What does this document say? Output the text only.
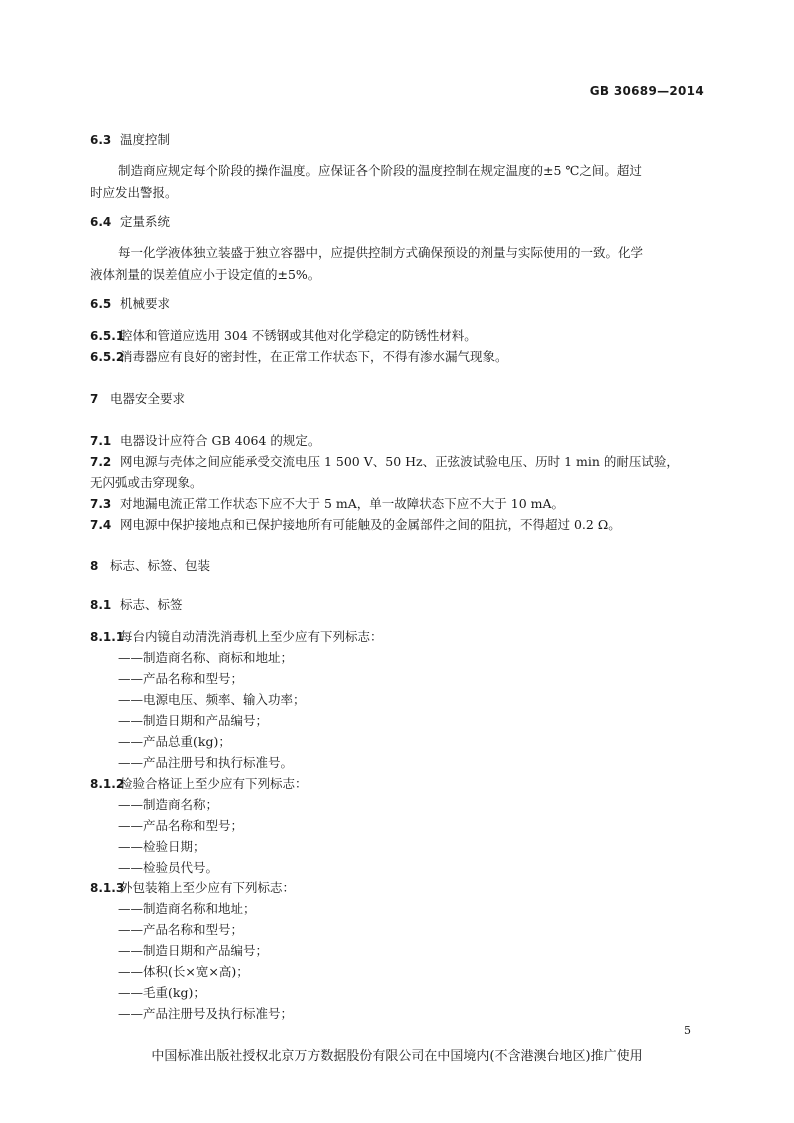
GB 30689—2014
6.3 温度控制
制造商应规定每个阶段的操作温度。应保证各个阶段的温度控制在规定温度的±5 ℃之间。超过
时应发出警报。
6.4 定量系统
每一化学液体独立装盛于独立容器中，应提供控制方式确保预设的剂量与实际使用的一致。化学
液体剂量的误差值应小于设定值的±5%。
6.5 机械要求
6.5.1腔体和管道应选用 304 不锈钢或其他对化学稳定的防锈性材料。
6.5.2消毒器应有良好的密封性，在正常工作状态下，不得有渗水漏气现象。
7 电器安全要求
7.1 电器设计应符合 GB 4064 的规定。
7.2 网电源与壳体之间应能承受交流电压 1 500 V、50 Hz、正弦波试验电压、历时 1 min 的耐压试验，
无闪弧或击穿现象。
7.3 对地漏电流正常工作状态下应不大于 5 mA，单一故障状态下应不大于 10 mA。
7.4 网电源中保护接地点和已保护接地所有可能触及的金属部件之间的阻抗，不得超过 0.2 Ω。
8 标志、标签、包装
8.1 标志、标签
8.1.1每台内镜自动清洗消毒机上至少应有下列标志：
——制造商名称、商标和地址；
——产品名称和型号；
——电源电压、频率、输入功率；
——制造日期和产品编号；
——产品总重(kg)；
——产品注册号和执行标准号。
8.1.2检验合格证上至少应有下列标志：
——制造商名称；
——产品名称和型号；
——检验日期；
——检验员代号。
8.1.3外包装箱上至少应有下列标志：
——制造商名称和地址；
——产品名称和型号；
——制造日期和产品编号；
——体积(长×宽×高)；
——毛重(kg)；
——产品注册号及执行标准号；
5
中国标准出版社授权北京万方数据股份有限公司在中国境内(不含港澳台地区)推广使用
